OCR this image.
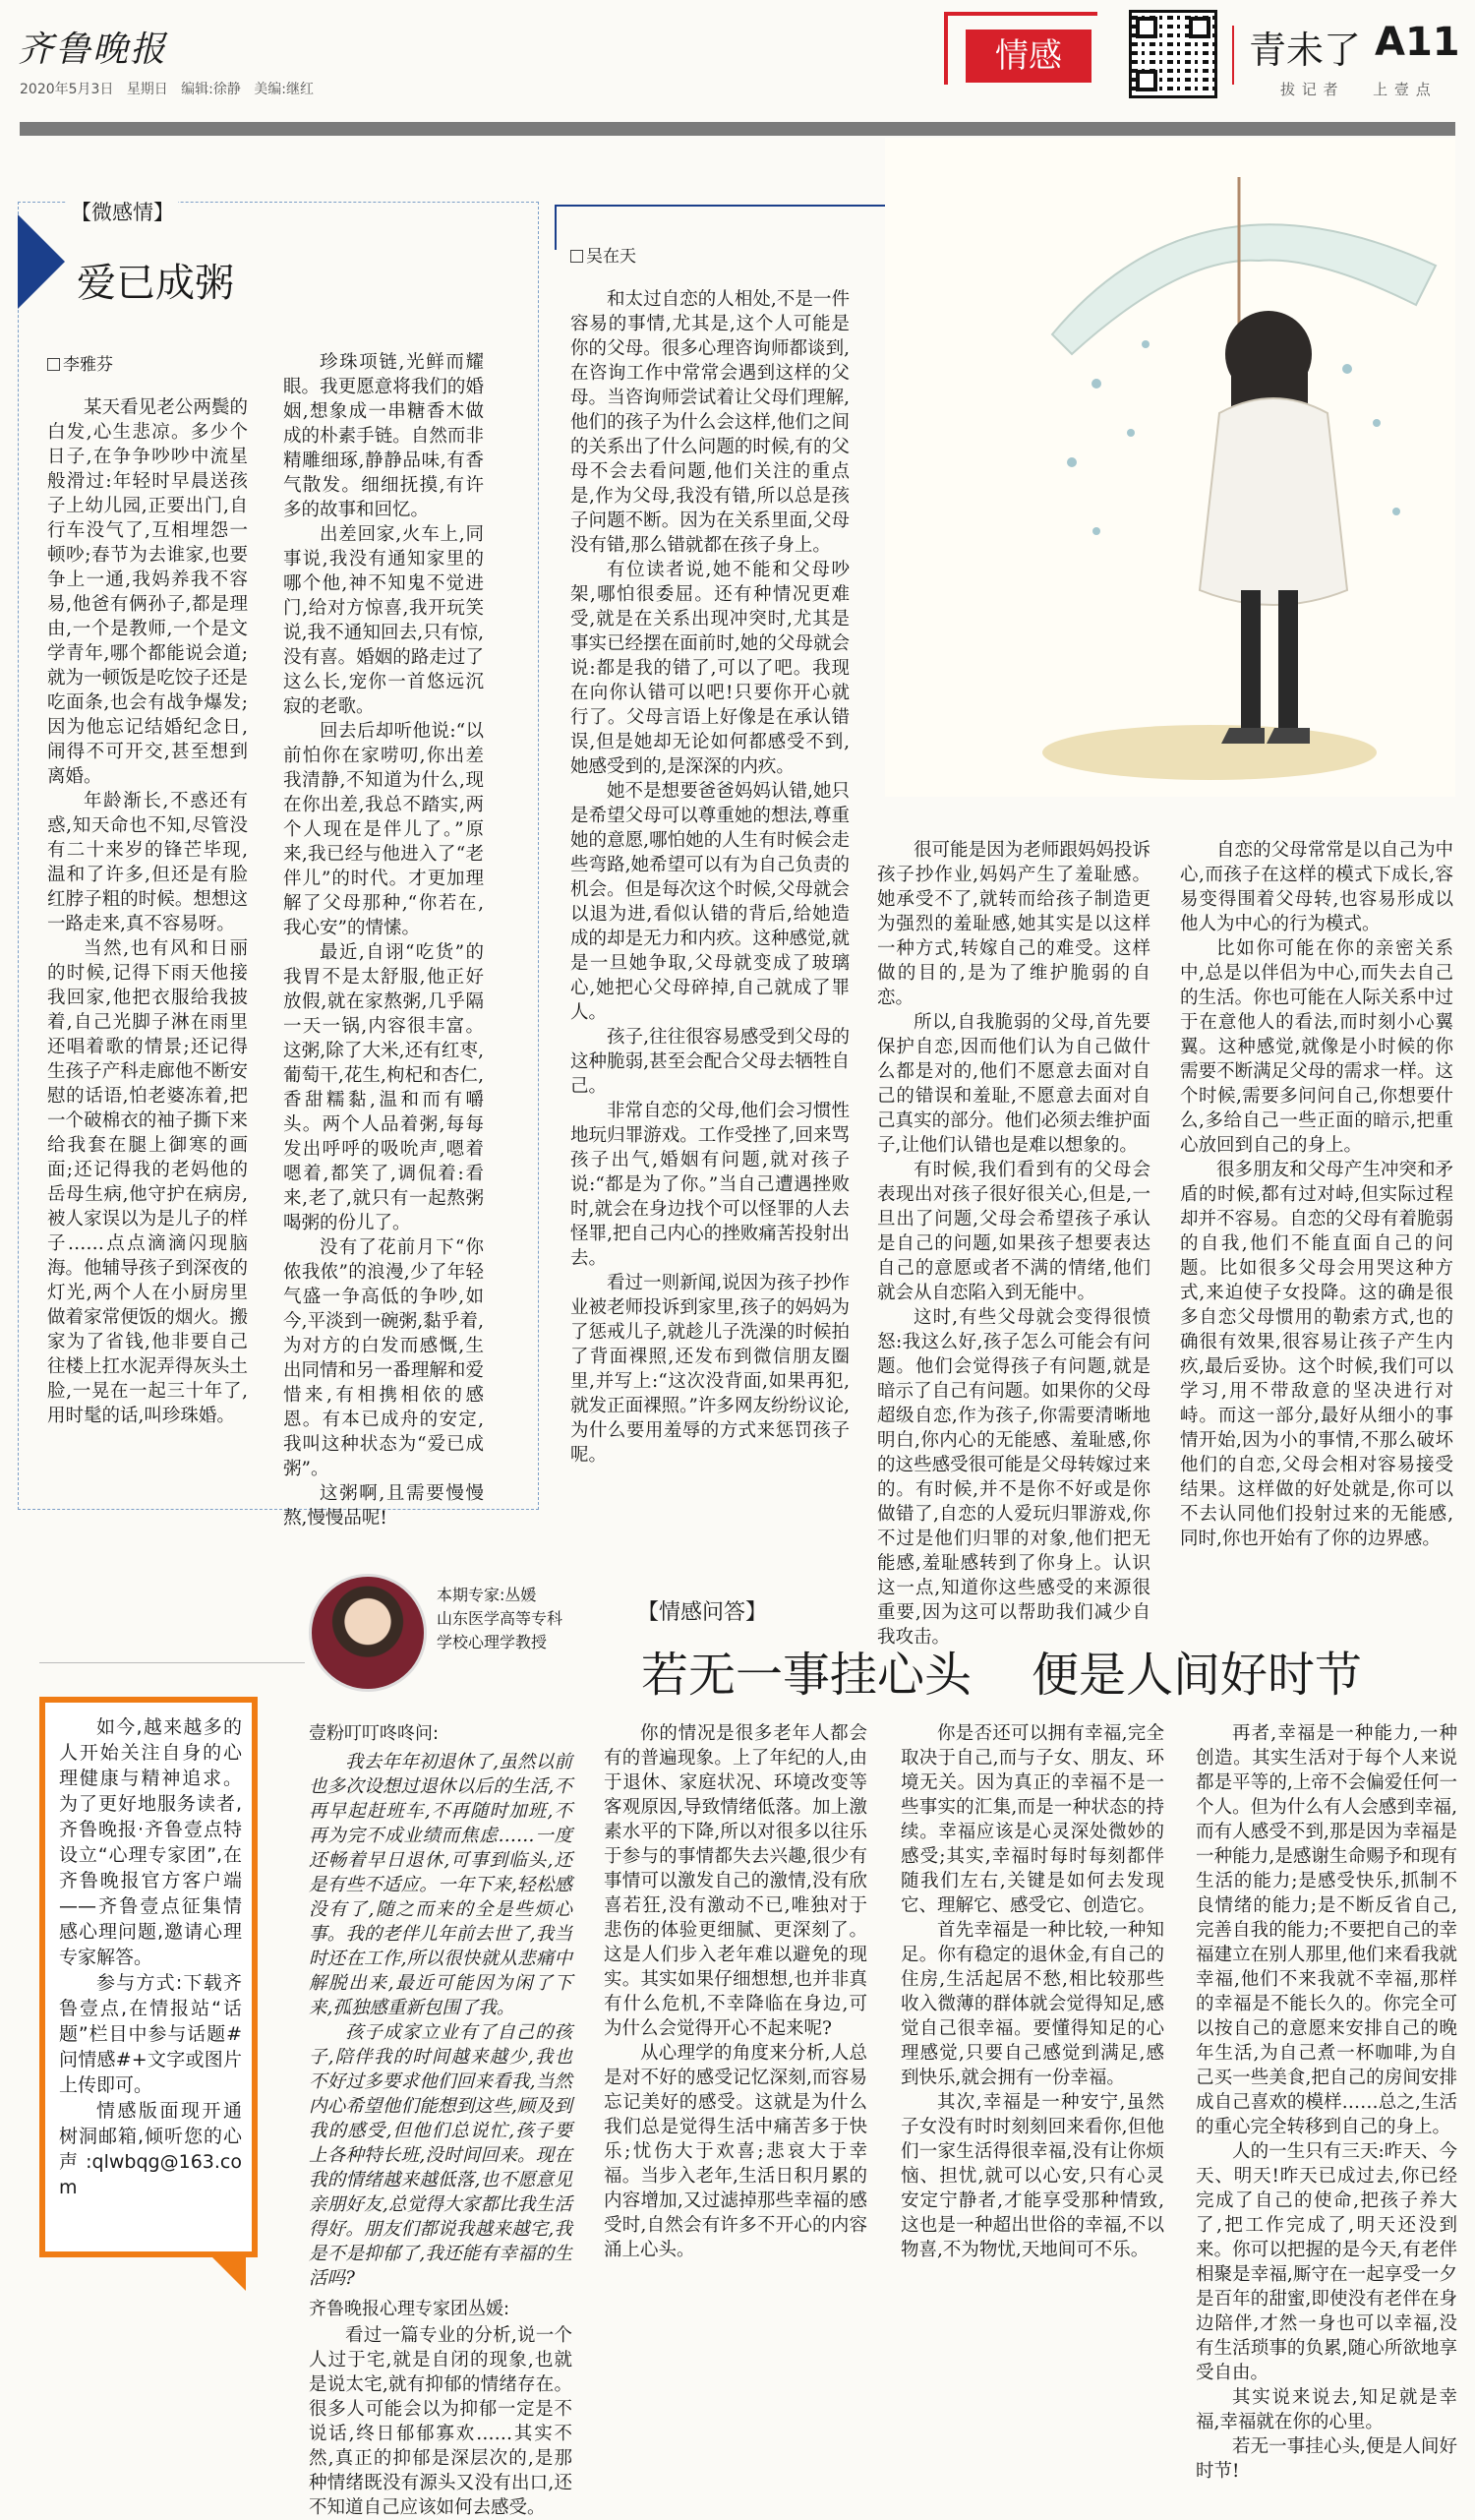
齐鲁晚报
2020年5月3日 星期日 编辑:徐静 美编:继红
情感	青未了 A11
拔 记 者 上 壹 点
【微感情】
爱已成粥
李雅芬

某天看见老公两鬓的白发,心生悲凉。多少个日子,在争争吵吵中流星般滑过:年轻时早晨送孩子上幼儿园,正要出门,自行车没气了,互相埋怨一顿吵;春节为去谁家,也要争上一通,我妈养我不容易,他爸有俩孙子,都是理由,一个是教师,一个是文学青年,哪个都能说会道;就为一顿饭是吃饺子还是吃面条,也会有战争爆发;因为他忘记结婚纪念日,闹得不可开交,甚至想到离婚。

年龄渐长,不惑还有惑,知天命也不知,尽管没有二十来岁的锋芒毕现,温和了许多,但还是有脸红脖子粗的时候。想想这一路走来,真不容易呀。

当然,也有风和日丽的时候,记得下雨天他接我回家,他把衣服给我披着,自己光脚子淋在雨里还唱着歌的情景;还记得生孩子产科走廊他不断安慰的话语,怕老婆冻着,把一个破棉衣的袖子撕下来给我套在腿上御寒的画面;还记得我的老妈他的岳母生病,他守护在病房,被人家误以为是儿子的样子……点点滴滴闪现脑海。他辅导孩子到深夜的灯光,两个人在小厨房里做着家常便饭的烟火。搬家为了省钱,他非要自己往楼上扛水泥弄得灰头土脸,一晃在一起三十年了,用时髦的话,叫珍珠婚。

珍珠项链,光鲜而耀眼。我更愿意将我们的婚姻,想象成一串糖香木做成的朴素手链。自然而非精雕细琢,静静品味,有香气散发。细细抚摸,有许多的故事和回忆。

出差回家,火车上,同事说,我没有通知家里的哪个他,神不知鬼不觉进门,给对方惊喜,我开玩笑说,我不通知回去,只有惊,没有喜。婚姻的路走过了这么长,宠你一首悠远沉寂的老歌。

回去后却听他说:“以前怕你在家唠叨,你出差我清静,不知道为什么,现在你出差,我总不踏实,两个人现在是伴儿了。”原来,我已经与他进入了“老伴儿”的时代。才更加理解了父母那种,“你若在,我心安”的情愫。

最近,自诩“吃货”的我胃不是太舒服,他正好放假,就在家熬粥,几乎隔一天一锅,内容很丰富。这粥,除了大米,还有红枣,葡萄干,花生,枸杞和杏仁,香甜糯黏,温和而有嚼头。两个人品着粥,每每发出呼呼的吸吮声,嗯着嗯着,都笑了,调侃着:看来,老了,就只有一起熬粥喝粥的份儿了。

没有了花前月下“你侬我侬”的浪漫,少了年轻气盛一争高低的争吵,如今,平淡到一碗粥,黏乎着,为对方的白发而感慨,生出同情和另一番理解和爱惜来,有相携相依的感恩。有本已成舟的安定,我叫这种状态为“爱已成粥”。

这粥啊,且需要慢慢熬,慢慢品呢!

吴在天

和太过自恋的人相处,不是一件容易的事情,尤其是,这个人可能是你的父母。很多心理咨询师都谈到,在咨询工作中常常会遇到这样的父母。当咨询师尝试着让父母们理解,他们的孩子为什么会这样,他们之间的关系出了什么问题的时候,有的父母不会去看问题,他们关注的重点是,作为父母,我没有错,所以总是孩子问题不断。因为在关系里面,父母没有错,那么错就都在孩子身上。

有位读者说,她不能和父母吵架,哪怕很委屈。还有种情况更难受,就是在关系出现冲突时,尤其是事实已经摆在面前时,她的父母就会说:都是我的错了,可以了吧。我现在向你认错可以吧!只要你开心就行了。父母言语上好像是在承认错误,但是她却无论如何都感受不到,她感受到的,是深深的内疚。

她不是想要爸爸妈妈认错,她只是希望父母可以尊重她的想法,尊重她的意愿,哪怕她的人生有时候会走些弯路,她希望可以有为自己负责的机会。但是每次这个时候,父母就会以退为进,看似认错的背后,给她造成的却是无力和内疚。这种感觉,就是一旦她争取,父母就变成了玻璃心,她把心父母碎掉,自己就成了罪人。

孩子,往往很容易感受到父母的这种脆弱,甚至会配合父母去牺牲自己。

非常自恋的父母,他们会习惯性地玩归罪游戏。工作受挫了,回来骂孩子出气,婚姻有问题,就对孩子说:“都是为了你。”当自己遭遇挫败时,就会在身边找个可以怪罪的人去怪罪,把自己内心的挫败痛苦投射出去。

看过一则新闻,说因为孩子抄作业被老师投诉到家里,孩子的妈妈为了惩戒儿子,就趁儿子洗澡的时候拍了背面裸照,还发布到微信朋友圈里,并写上:“这次没背面,如果再犯,就发正面裸照。”许多网友纷纷议论,为什么要用羞辱的方式来惩罚孩子呢。

很可能是因为老师跟妈妈投诉孩子抄作业,妈妈产生了羞耻感。她承受不了,就转而给孩子制造更为强烈的羞耻感,她其实是以这样一种方式,转嫁自己的难受。这样做的目的,是为了维护脆弱的自恋。

所以,自我脆弱的父母,首先要保护自恋,因而他们认为自己做什么都是对的,他们不愿意去面对自己的错误和羞耻,不愿意去面对自己真实的部分。他们必须去维护面子,让他们认错也是难以想象的。

有时候,我们看到有的父母会表现出对孩子很好很关心,但是,一旦出了问题,父母会希望孩子承认是自己的问题,如果孩子想要表达自己的意愿或者不满的情绪,他们就会从自恋陷入到无能中。

这时,有些父母就会变得很愤怒:我这么好,孩子怎么可能会有问题。他们会觉得孩子有问题,就是暗示了自己有问题。如果你的父母超级自恋,作为孩子,你需要清晰地明白,你内心的无能感、羞耻感,你的这些感受很可能是父母转嫁过来的。有时候,并不是你不好或是你做错了,自恋的人爱玩归罪游戏,你不过是他们归罪的对象,他们把无能感,羞耻感转到了你身上。认识这一点,知道你这些感受的来源很重要,因为这可以帮助我们减少自我攻击。

自恋的父母常常是以自己为中心,而孩子在这样的模式下成长,容易变得围着父母转,也容易形成以他人为中心的行为模式。

比如你可能在你的亲密关系中,总是以伴侣为中心,而失去自己的生活。你也可能在人际关系中过于在意他人的看法,而时刻小心翼翼。这种感觉,就像是小时候的你需要不断满足父母的需求一样。这个时候,需要多问问自己,你想要什么,多给自己一些正面的暗示,把重心放回到自己的身上。

很多朋友和父母产生冲突和矛盾的时候,都有过对峙,但实际过程却并不容易。自恋的父母有着脆弱的自我,他们不能直面自己的问题。比如很多父母会用哭这种方式,来迫使子女投降。这的确是很多自恋父母惯用的勒索方式,也的确很有效果,很容易让孩子产生内疚,最后妥协。这个时候,我们可以学习,用不带敌意的坚决进行对峙。而这一部分,最好从细小的事情开始,因为小的事情,不那么破坏他们的自恋,父母会相对容易接受结果。这样做的好处就是,你可以不去认同他们投射过来的无能感,同时,你也开始有了你的边界感。

本期专家:丛媛
山东医学高等专科
学校心理学教授
【情感问答】
若无一事挂心头    便是人间好时节

如今,越来越多的人开始关注自身的心理健康与精神追求。为了更好地服务读者,齐鲁晚报·齐鲁壹点特设立“心理专家团”,在齐鲁晚报官方客户端——齐鲁壹点征集情感心理问题,邀请心理专家解答。

参与方式:下载齐鲁壹点,在情报站“话题”栏目中参与话题#问情感#+文字或图片上传即可。

情感版面现开通树洞邮箱,倾听您的心声:qlwbqg@163.com

壹粉叮叮咚咚问:

我去年年初退休了,虽然以前也多次设想过退休以后的生活,不再早起赶班车,不再随时加班,不再为完不成业绩而焦虑……一度还畅着早日退休,可事到临头,还是有些不适应。一年下来,轻松感没有了,随之而来的全是些烦心事。我的老伴儿年前去世了,我当时还在工作,所以很快就从悲痛中解脱出来,最近可能因为闲了下来,孤独感重新包围了我。

孩子成家立业有了自己的孩子,陪伴我的时间越来越少,我也不好过多要求他们回来看我,当然内心希望他们能想到这些,顾及到我的感受,但他们总说忙,孩子要上各种特长班,没时间回来。现在我的情绪越来越低落,也不愿意见亲朋好友,总觉得大家都比我生活得好。朋友们都说我越来越宅,我是不是抑郁了,我还能有幸福的生活吗?

齐鲁晚报心理专家团丛媛:

看过一篇专业的分析,说一个人过于宅,就是自闭的现象,也就是说太宅,就有抑郁的情绪存在。很多人可能会以为抑郁一定是不说话,终日郁郁寡欢……其实不然,真正的抑郁是深层次的,是那种情绪既没有源头又没有出口,还不知道自己应该如何去感受。

你的情况是很多老年人都会有的普遍现象。上了年纪的人,由于退休、家庭状况、环境改变等客观原因,导致情绪低落。加上激素水平的下降,所以对很多以往乐于参与的事情都失去兴趣,很少有事情可以激发自己的激情,没有欣喜若狂,没有激动不已,唯独对于悲伤的体验更细腻、更深刻了。这是人们步入老年难以避免的现实。其实如果仔细想想,也并非真有什么危机,不幸降临在身边,可为什么会觉得开心不起来呢?

从心理学的角度来分析,人总是对不好的感受记忆深刻,而容易忘记美好的感受。这就是为什么我们总是觉得生活中痛苦多于快乐;忧伤大于欢喜;悲哀大于幸福。当步入老年,生活日积月累的内容增加,又过滤掉那些幸福的感受时,自然会有许多不开心的内容涌上心头。

你是否还可以拥有幸福,完全取决于自己,而与子女、朋友、环境无关。因为真正的幸福不是一些事实的汇集,而是一种状态的持续。幸福应该是心灵深处微妙的感受;其实,幸福时每时每刻都伴随我们左右,关键是如何去发现它、理解它、感受它、创造它。

首先幸福是一种比较,一种知足。你有稳定的退休金,有自己的住房,生活起居不愁,相比较那些收入微薄的群体就会觉得知足,感觉自己很幸福。要懂得知足的心理感觉,只要自己感觉到满足,感到快乐,就会拥有一份幸福。

其次,幸福是一种安宁,虽然子女没有时时刻刻回来看你,但他们一家生活得很幸福,没有让你烦恼、担忧,就可以心安,只有心灵安定宁静者,才能享受那种情致,这也是一种超出世俗的幸福,不以物喜,不为物忧,天地间可不乐。

再者,幸福是一种能力,一种创造。其实生活对于每个人来说都是平等的,上帝不会偏爱任何一个人。但为什么有人会感到幸福,而有人感受不到,那是因为幸福是一种能力,是感谢生命赐予和现有生活的能力;是感受快乐,抓制不良情绪的能力;是不断反省自己,完善自我的能力;不要把自己的幸福建立在别人那里,他们来看我就幸福,他们不来我就不幸福,那样的幸福是不能长久的。你完全可以按自己的意愿来安排自己的晚年生活,为自己煮一杯咖啡,为自己买一些美食,把自己的房间安排成自己喜欢的模样……总之,生活的重心完全转移到自己的身上。

人的一生只有三天:昨天、今天、明天!昨天已成过去,你已经完成了自己的使命,把孩子养大了,把工作完成了,明天还没到来。你可以把握的是今天,有老伴相聚是幸福,厮守在一起享受一夕是百年的甜蜜,即使没有老伴在身边陪伴,才然一身也可以幸福,没有生活琐事的负累,随心所欲地享受自由。

其实说来说去,知足就是幸福,幸福就在你的心里。

若无一事挂心头,便是人间好时节!
